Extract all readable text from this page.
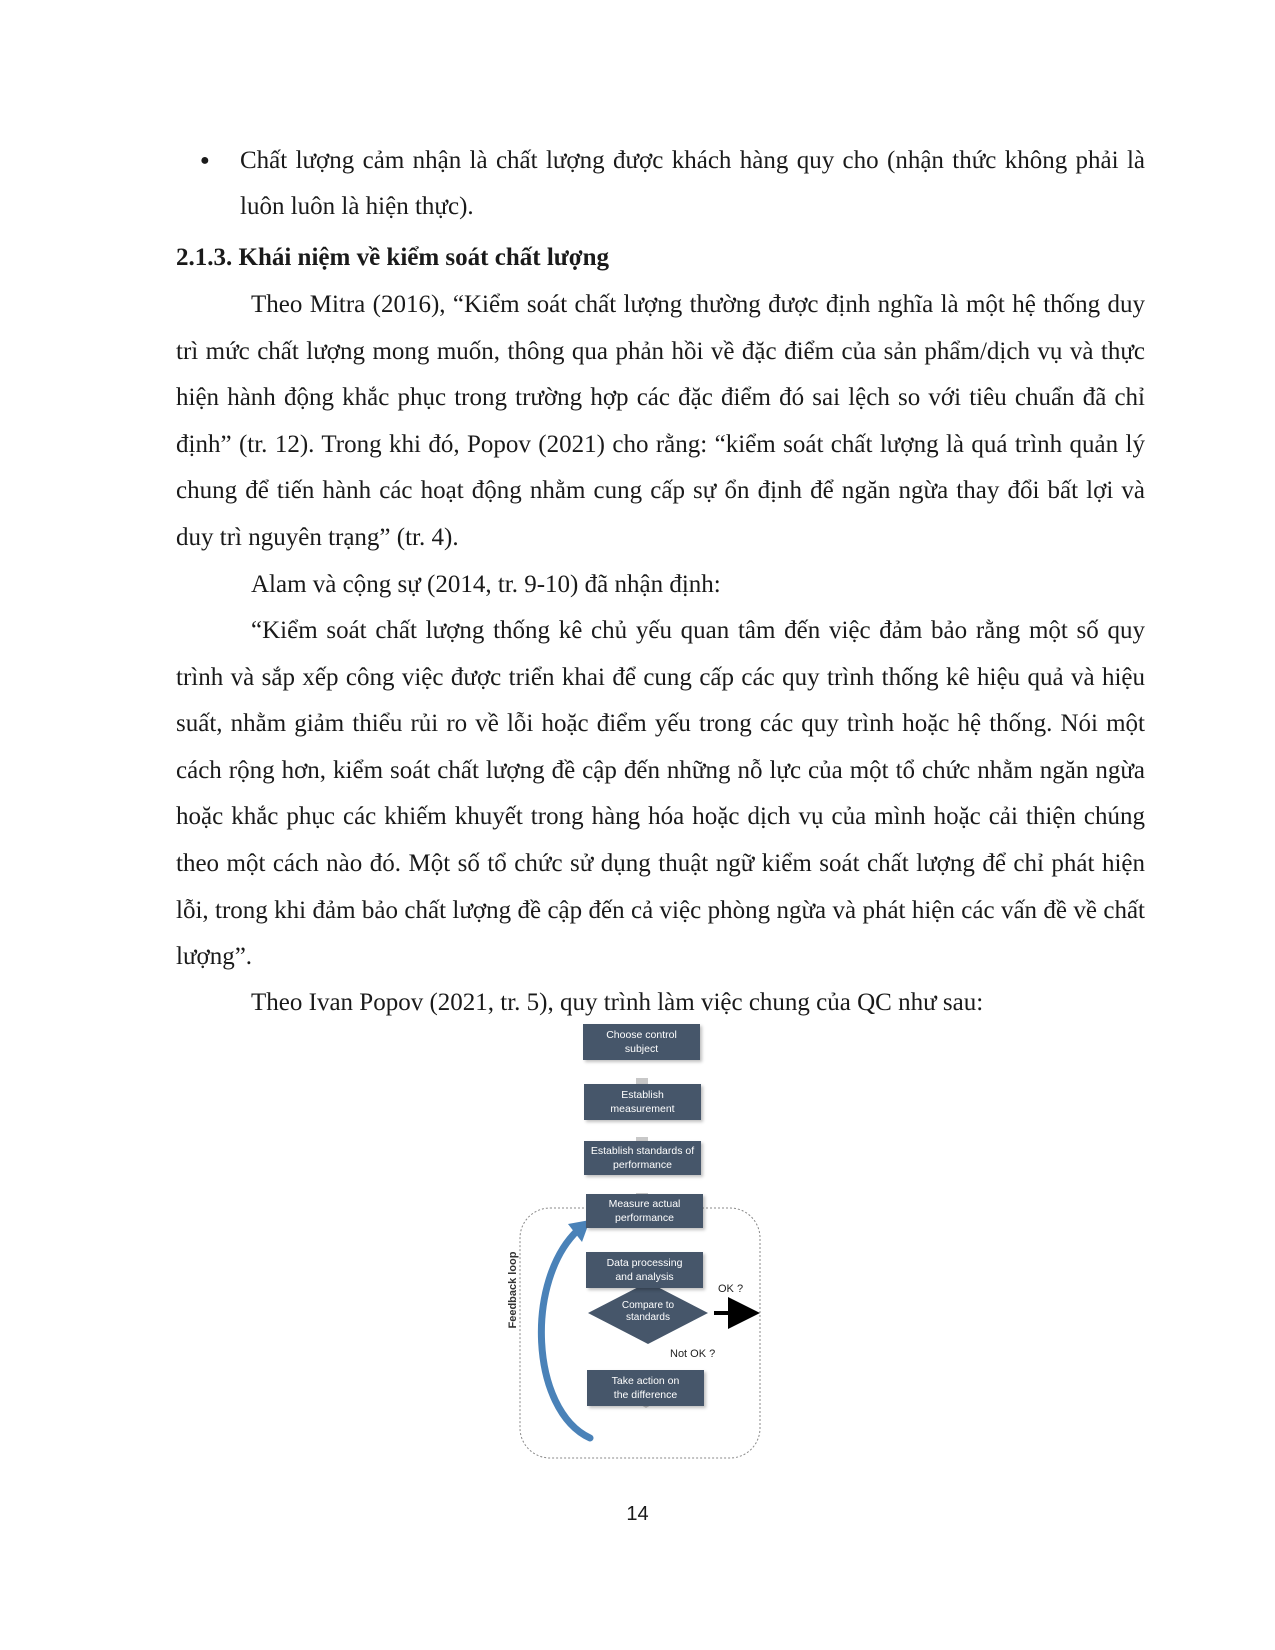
● Chất lượng cảm nhận là chất lượng được khách hàng quy cho (nhận thức không phải là luôn luôn là hiện thực).
2.1.3. Khái niệm về kiểm soát chất lượng

Theo Mitra (2016), “Kiểm soát chất lượng thường được định nghĩa là một hệ thống duy trì mức chất lượng mong muốn, thông qua phản hồi về đặc điểm của sản phẩm/dịch vụ và thực hiện hành động khắc phục trong trường hợp các đặc điểm đó sai lệch so với tiêu chuẩn đã chỉ định” (tr. 12). Trong khi đó, Popov (2021) cho rằng: “kiểm soát chất lượng là quá trình quản lý chung để tiến hành các hoạt động nhằm cung cấp sự ổn định để ngăn ngừa thay đổi bất lợi và duy trì nguyên trạng” (tr. 4).

Alam và cộng sự (2014, tr. 9-10) đã nhận định:

“Kiểm soát chất lượng thống kê chủ yếu quan tâm đến việc đảm bảo rằng một số quy trình và sắp xếp công việc được triển khai để cung cấp các quy trình thống kê hiệu quả và hiệu suất, nhằm giảm thiểu rủi ro về lỗi hoặc điểm yếu trong các quy trình hoặc hệ thống. Nói một cách rộng hơn, kiểm soát chất lượng đề cập đến những nỗ lực của một tổ chức nhằm ngăn ngừa hoặc khắc phục các khiếm khuyết trong hàng hóa hoặc dịch vụ của mình hoặc cải thiện chúng theo một cách nào đó. Một số tổ chức sử dụng thuật ngữ kiểm soát chất lượng để chỉ phát hiện lỗi, trong khi đảm bảo chất lượng đề cập đến cả việc phòng ngừa và phát hiện các vấn đề về chất lượng”.

Theo Ivan Popov (2021, tr. 5), quy trình làm việc chung của QC như sau:

Choose control
subject
Establish
measurement
Establish standards of
performance
Measure actual
performance
Data processing
and analysis
Compare to
standards
OK ?
Not OK ?
Take action on
the difference
Feedback loop
14
